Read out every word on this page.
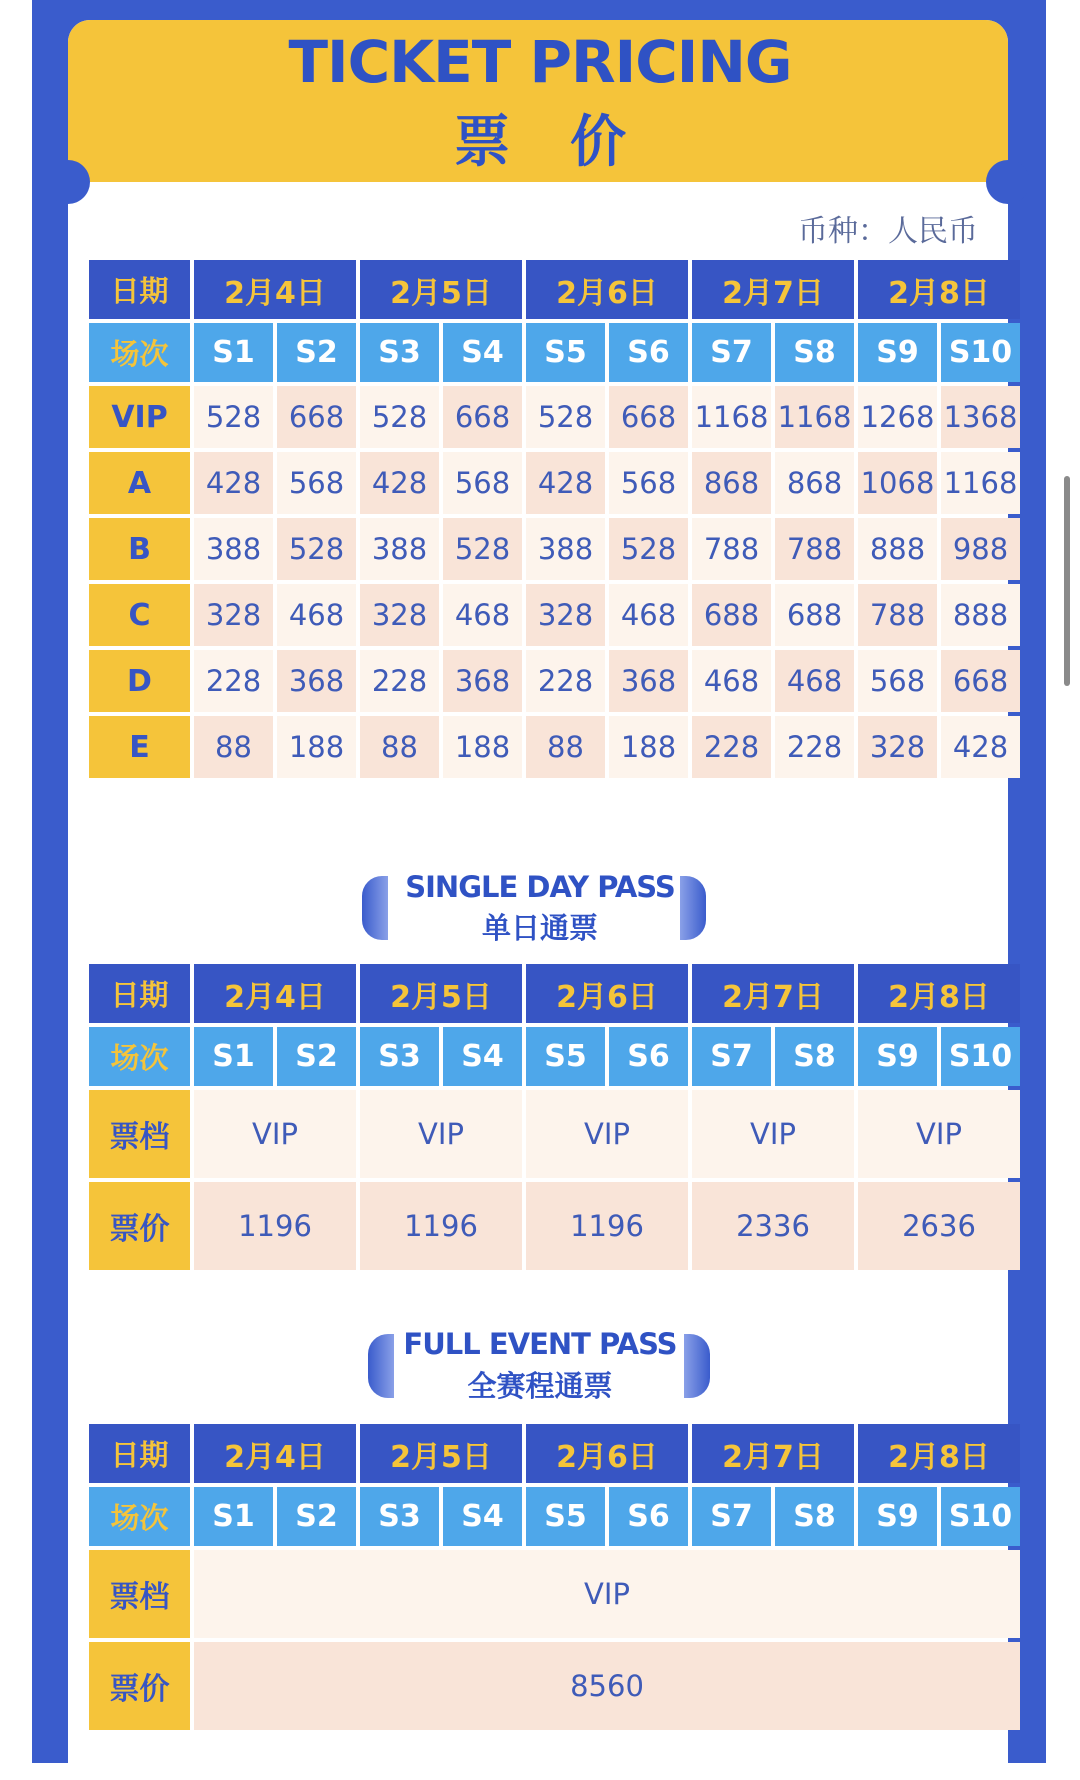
TICKET PRICING
票价
币种：人民币
日期	2月4日	2月5日	2月6日	2月7日	2月8日
场次	S1	S2	S3	S4	S5	S6	S7	S8	S9	S10
VIP	528 668 528 668 528 668 1168 1168 1268 1368
A	428 568 428 568 428 568 868 868 1068 1168
B	388 528 388 528 388 528 788 788 888 988
C	328 468 328 468 328 468 688 688 788 888
D	228 368 228 368 228 368 468 468 568 668
E	88	188	88	188	88	188 228 228 328 428
SINGLE DAY PASS
单日通票
日期	2月4日	2月5日	2月6日	2月7日	2月8日
场次	S1	S2	S3	S4	S5	S6	S7	S8	S9	S10
票档	VIP	VIP	VIP	VIP	VIP
票价	1196	1196	1196	2336	2636
FULL EVENT PASS
全赛程通票
日期	2月4日	2月5日	2月6日	2月7日	2月8日
场次	S1	S2	S3	S4	S5	S6	S7	S8	S9	S10
票档	VIP
票价	8560
